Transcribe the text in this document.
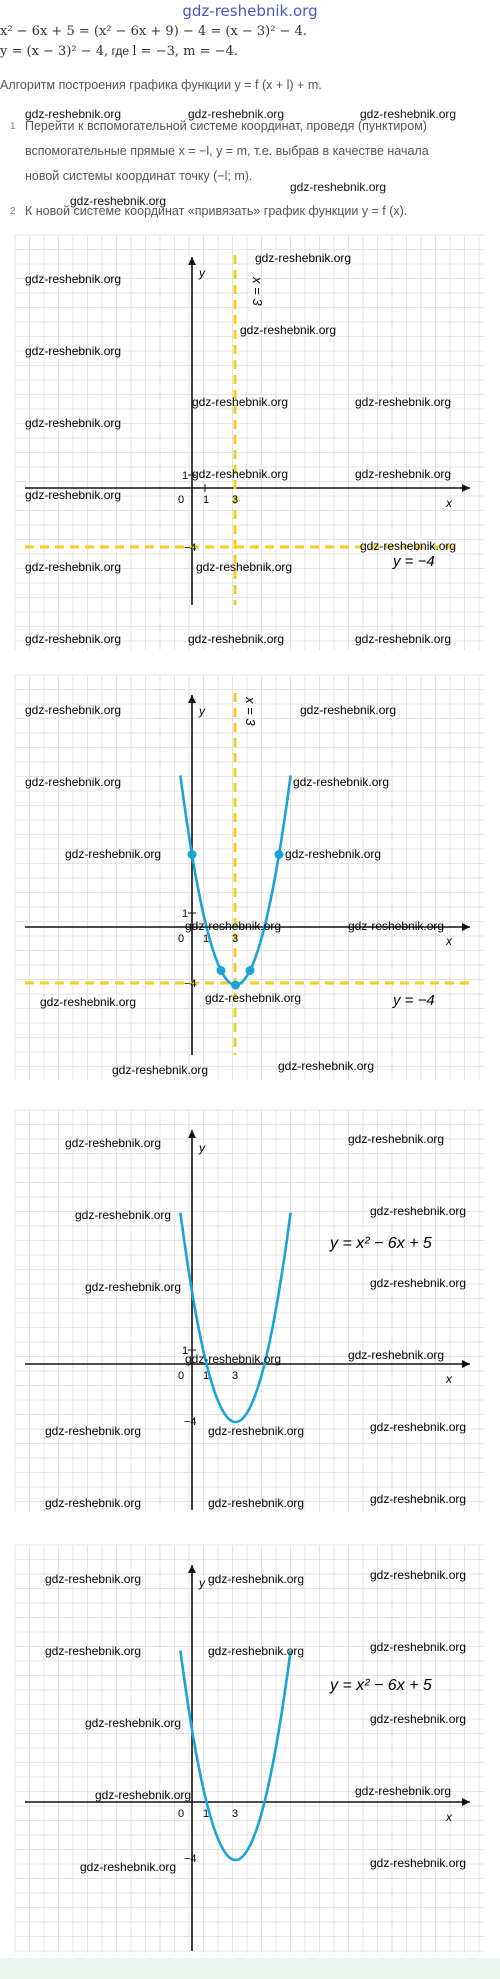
gdz-reshebnik.org
x² − 6x + 5 = (x² − 6x + 9) − 4 = (x − 3)² − 4.
y = (x − 3)² − 4, где l = −3, m = −4.
Алгоритм построения графика функции y = f (x + l) + m.
1 Перейти к вспомогательной системе координат, проведя (пунктиром)
вспомогательные прямые x = −l, y = m, т.е. выбрав в качестве начала
новой системы координат точку (−l; m).
2 К новой системе координат «привязать» график функции y = f (x).
gdz-reshebnik.org	gdz-reshebnik.org	gdz-reshebnik.org
gdz-reshebnik.org
gdz-reshebnik.org
x
y
0 1 3
1
−4
x = 3
y = −4
gdz-reshebnik.org
gdz-reshebnik.org
gdz-reshebnik.org
gdz-reshebnik.org
gdz-reshebnik.org	gdz-reshebnik.org
gdz-reshebnik.org
gdz-reshebnik.org	gdz-reshebnik.org
gdz-reshebnik.org
gdz-reshebnik.org
gdz-reshebnik.org	gdz-reshebnik.org
gdz-reshebnik.org	gdz-reshebnik.org	gdz-reshebnik.org
x
y
0 1 3
1
−4
x = 3
y = −4
gdz-reshebnik.org	gdz-reshebnik.org
gdz-reshebnik.org	gdz-reshebnik.org
gdz-reshebnik.org	gdz-reshebnik.org
gdz-reshebnik.org	gdz-reshebnik.org
gdz-reshebnik.org	gdz-reshebnik.org
gdz-reshebnik.org	gdz-reshebnik.org
x
y
0 1 3
1
−4
y = x² − 6x + 5
gdz-reshebnik.org	gdz-reshebnik.org
gdz-reshebnik.org	gdz-reshebnik.org
gdz-reshebnik.org	gdz-reshebnik.org
gdz-reshebnik.org	gdz-reshebnik.org
gdz-reshebnik.org	gdz-reshebnik.org	gdz-reshebnik.org
gdz-reshebnik.org	gdz-reshebnik.org	gdz-reshebnik.org
x
y
0 1 3
−4
y = x² − 6x + 5
gdz-reshebnik.org	gdz-reshebnik.org	gdz-reshebnik.org
gdz-reshebnik.org	gdz-reshebnik.org	gdz-reshebnik.org
gdz-reshebnik.org	gdz-reshebnik.org
gdz-reshebnik.org	gdz-reshebnik.org
gdz-reshebnik.org	gdz-reshebnik.org
